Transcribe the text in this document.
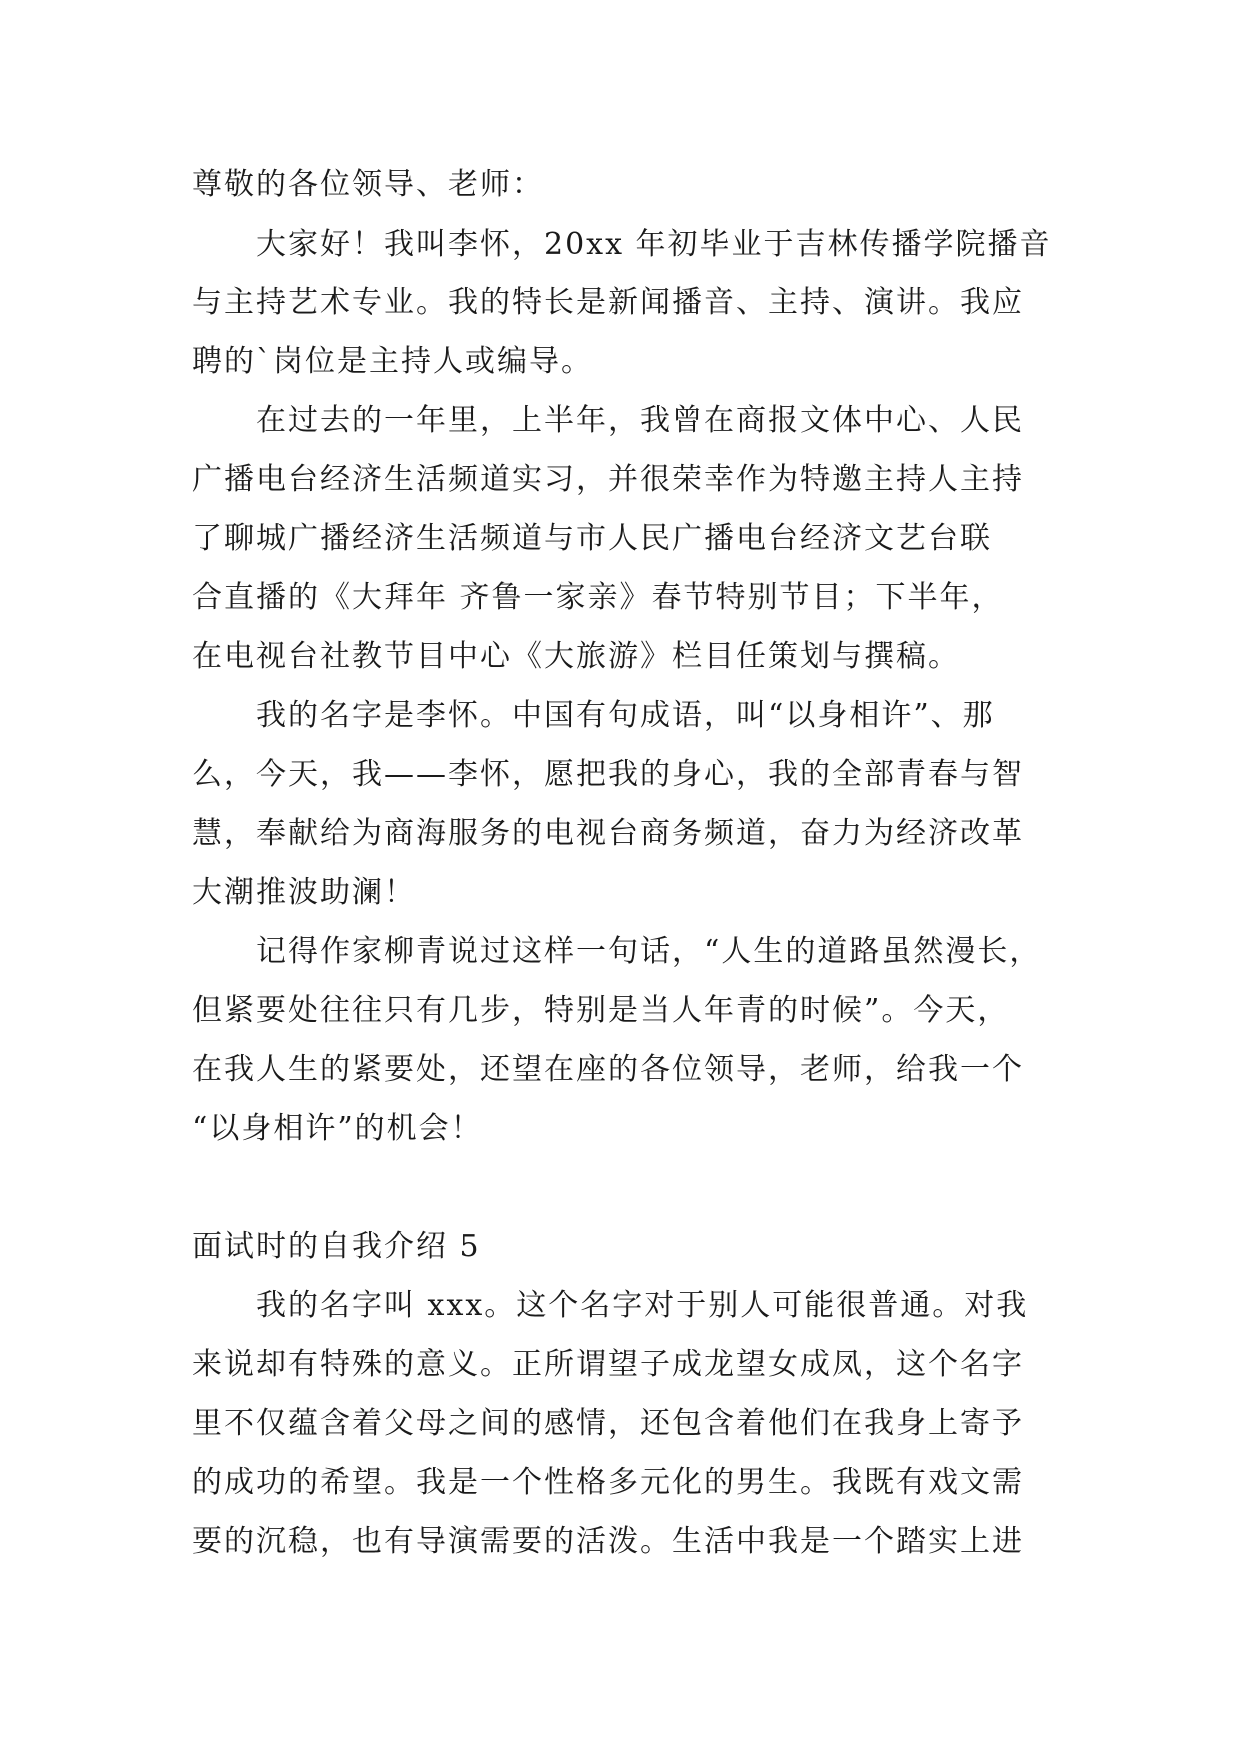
尊敬的各位领导、老师：
大家好！我叫李怀，20xx 年初毕业于吉林传播学院播音
与主持艺术专业。我的特长是新闻播音、主持、演讲。我应
聘的`岗位是主持人或编导。
在过去的一年里，上半年，我曾在商报文体中心、人民
广播电台经济生活频道实习，并很荣幸作为特邀主持人主持
了聊城广播经济生活频道与市人民广播电台经济文艺台联
合直播的《大拜年 齐鲁一家亲》春节特别节目；下半年，
在电视台社教节目中心《大旅游》栏目任策划与撰稿。
我的名字是李怀。中国有句成语，叫“以身相许”、那
么，今天，我——李怀，愿把我的身心，我的全部青春与智
慧，奉献给为商海服务的电视台商务频道，奋力为经济改革
大潮推波助澜！
记得作家柳青说过这样一句话，“人生的道路虽然漫长，
但紧要处往往只有几步，特别是当人年青的时候”。今天，
在我人生的紧要处，还望在座的各位领导，老师，给我一个
“以身相许”的机会！
面试时的自我介绍 5
我的名字叫 xxx。这个名字对于别人可能很普通。对我
来说却有特殊的意义。正所谓望子成龙望女成凤，这个名字
里不仅蕴含着父母之间的感情，还包含着他们在我身上寄予
的成功的希望。我是一个性格多元化的男生。我既有戏文需
要的沉稳，也有导演需要的活泼。生活中我是一个踏实上进
